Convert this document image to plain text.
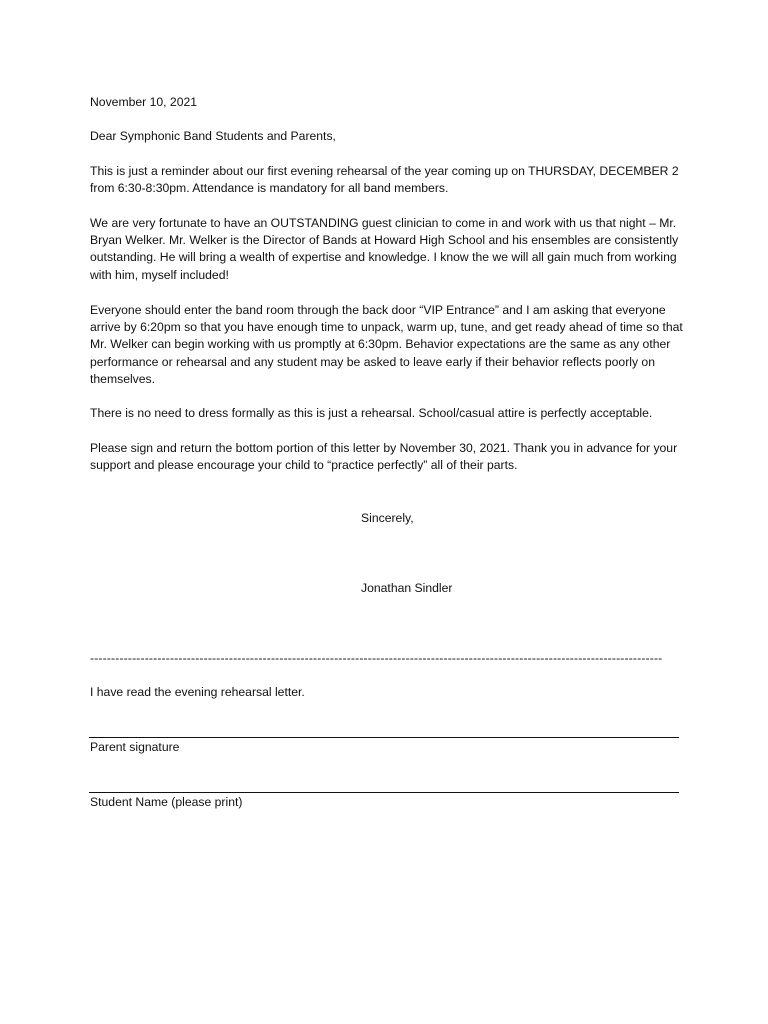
November 10, 2021

Dear Symphonic Band Students and Parents,

This is just a reminder about our first evening rehearsal of the year coming up on THURSDAY, DECEMBER 2 from 6:30-8:30pm. Attendance is mandatory for all band members.

We are very fortunate to have an OUTSTANDING guest clinician to come in and work with us that night – Mr. Bryan Welker. Mr. Welker is the Director of Bands at Howard High School and his ensembles are consistently outstanding. He will bring a wealth of expertise and knowledge. I know the we will all gain much from working with him, myself included!

Everyone should enter the band room through the back door “VIP Entrance” and I am asking that everyone arrive by 6:20pm so that you have enough time to unpack, warm up, tune, and get ready ahead of time so that Mr. Welker can begin working with us promptly at 6:30pm. Behavior expectations are the same as any other performance or rehearsal and any student may be asked to leave early if their behavior reflects poorly on themselves.

There is no need to dress formally as this is just a rehearsal. School/casual attire is perfectly acceptable.

Please sign and return the bottom portion of this letter by November 30, 2021. Thank you in advance for your support and please encourage your child to “practice perfectly” all of their parts.

Sincerely,

Jonathan Sindler

----------------------------------------------------------------------------------------------------------------------------------------

I have read the evening rehearsal letter.

Parent signature

Student Name (please print)
